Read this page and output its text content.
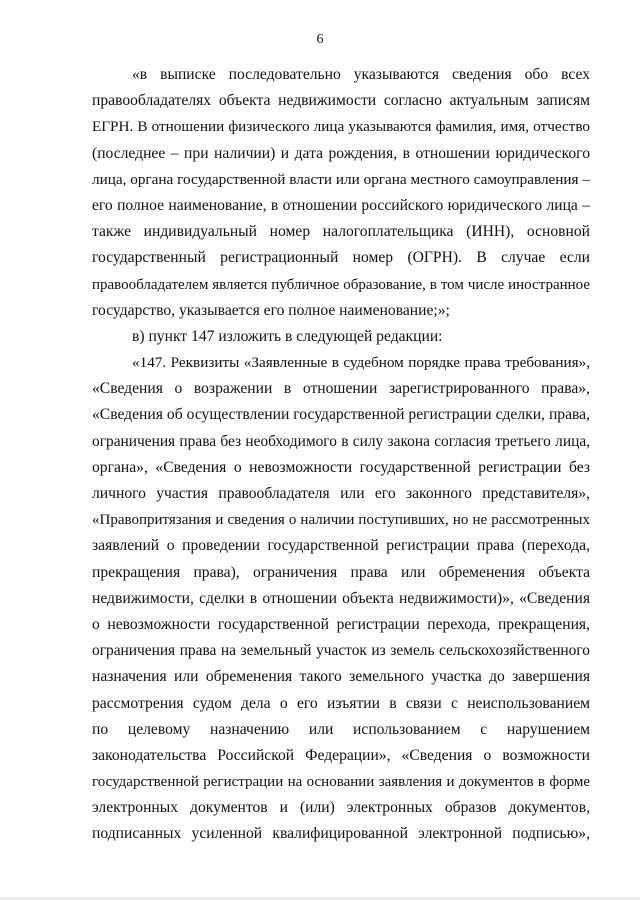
6
«в выписке последовательно указываются сведения обо всех
правообладателях объекта недвижимости согласно актуальным записям
ЕГРН. В отношении физического лица указываются фамилия, имя, отчество
(последнее – при наличии) и дата рождения, в отношении юридического
лица, органа государственной власти или органа местного самоуправления –
его полное наименование, в отношении российского юридического лица –
также индивидуальный номер налогоплательщика (ИНН), основной
государственный регистрационный номер (ОГРН). В случае если
правообладателем является публичное образование, в том числе иностранное
государство, указывается его полное наименование;»;
в) пункт 147 изложить в следующей редакции:
«147. Реквизиты «Заявленные в судебном порядке права требования»,
«Сведения о возражении в отношении зарегистрированного права»,
«Сведения об осуществлении государственной регистрации сделки, права,
ограничения права без необходимого в силу закона согласия третьего лица,
органа», «Сведения о невозможности государственной регистрации без
личного участия правообладателя или его законного представителя»,
«Правопритязания и сведения о наличии поступивших, но не рассмотренных
заявлений о проведении государственной регистрации права (перехода,
прекращения права), ограничения права или обременения объекта
недвижимости, сделки в отношении объекта недвижимости)», «Сведения
о невозможности государственной регистрации перехода, прекращения,
ограничения права на земельный участок из земель сельскохозяйственного
назначения или обременения такого земельного участка до завершения
рассмотрения судом дела о его изъятии в связи с неиспользованием
по целевому назначению или использованием с нарушением
законодательства Российской Федерации», «Сведения о возможности
государственной регистрации на основании заявления и документов в форме
электронных документов и (или) электронных образов документов,
подписанных усиленной квалифицированной электронной подписью»,
